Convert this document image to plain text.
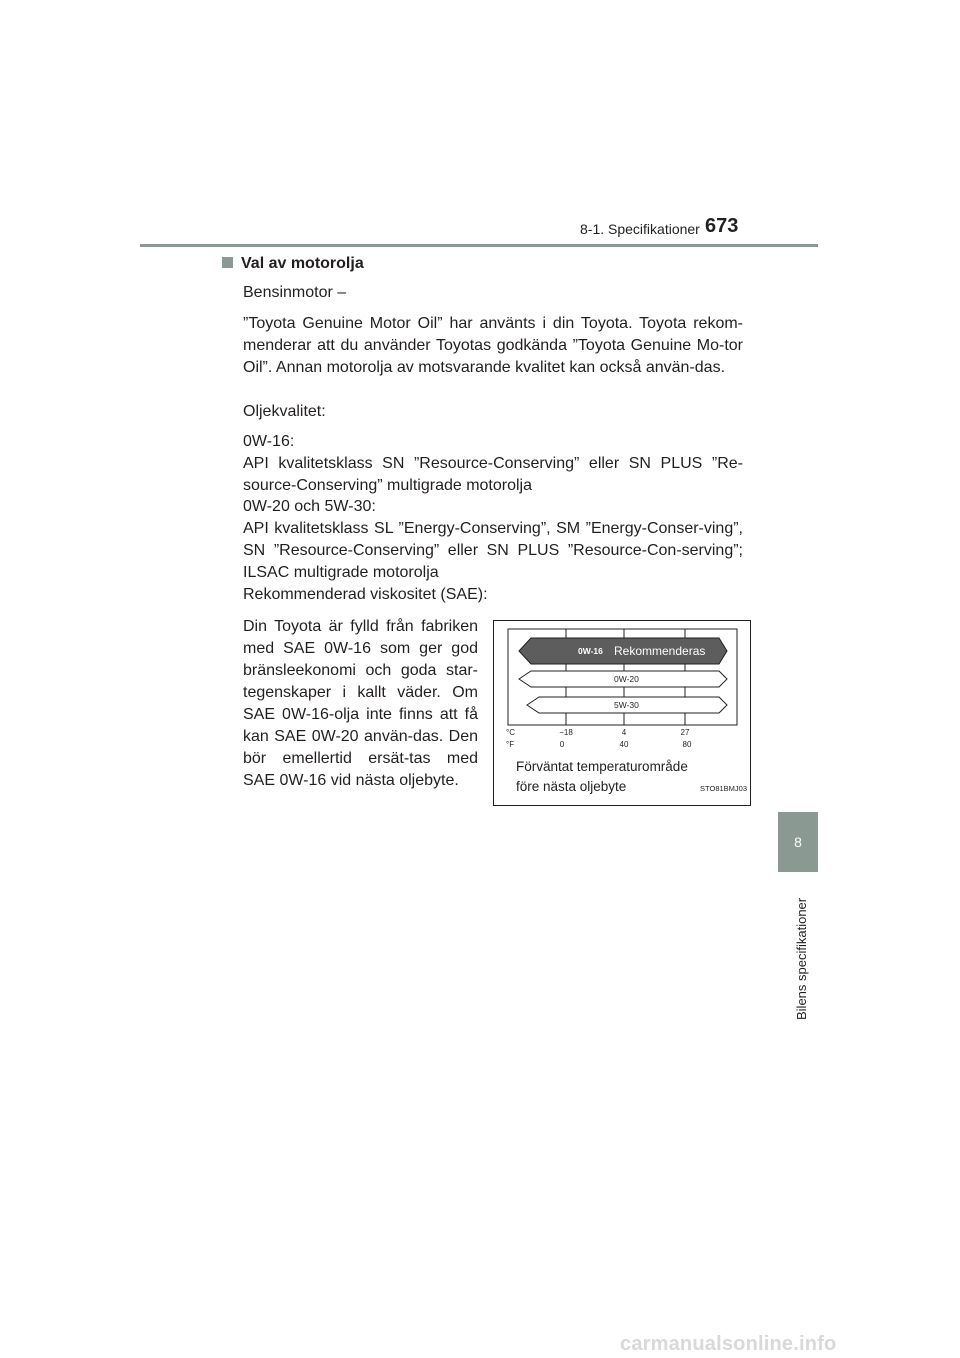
8-1. Specifikationer 673
8
Bilens specifikationer
Val av motorolja
Bensinmotor –
”Toyota Genuine Motor Oil” har använts i din Toyota. Toyota rekom-menderar att du använder Toyotas godkända ”Toyota Genuine Mo-tor Oil”. Annan motorolja av motsvarande kvalitet kan också använ-das.
Oljekvalitet:
0W-16:
API kvalitetsklass SN ”Resource-Conserving” eller SN PLUS ”Re-source-Conserving” multigrade motorolja
0W-20 och 5W-30:
API kvalitetsklass SL ”Energy-Conserving”, SM ”Energy-Conser-ving”, SN ”Resource-Conserving” eller SN PLUS ”Resource-Con-serving”; ILSAC multigrade motorolja
Rekommenderad viskositet (SAE):
Din Toyota är fylld från fabriken med SAE 0W-16 som ger god bränsleekonomi och goda star-tegenskaper i kallt väder. Om SAE 0W-16-olja inte finns att få kan SAE 0W-20 använ-das. Den bör emellertid ersät-tas med SAE 0W-16 vid nästa oljebyte.
0W-16 Rekommenderas
0W-20
5W-30
°C
°F
−18	4	27
0	40	80
Förväntat temperaturområde
före nästa oljebyte	STO81BMJ03
carmanualsonline.info
